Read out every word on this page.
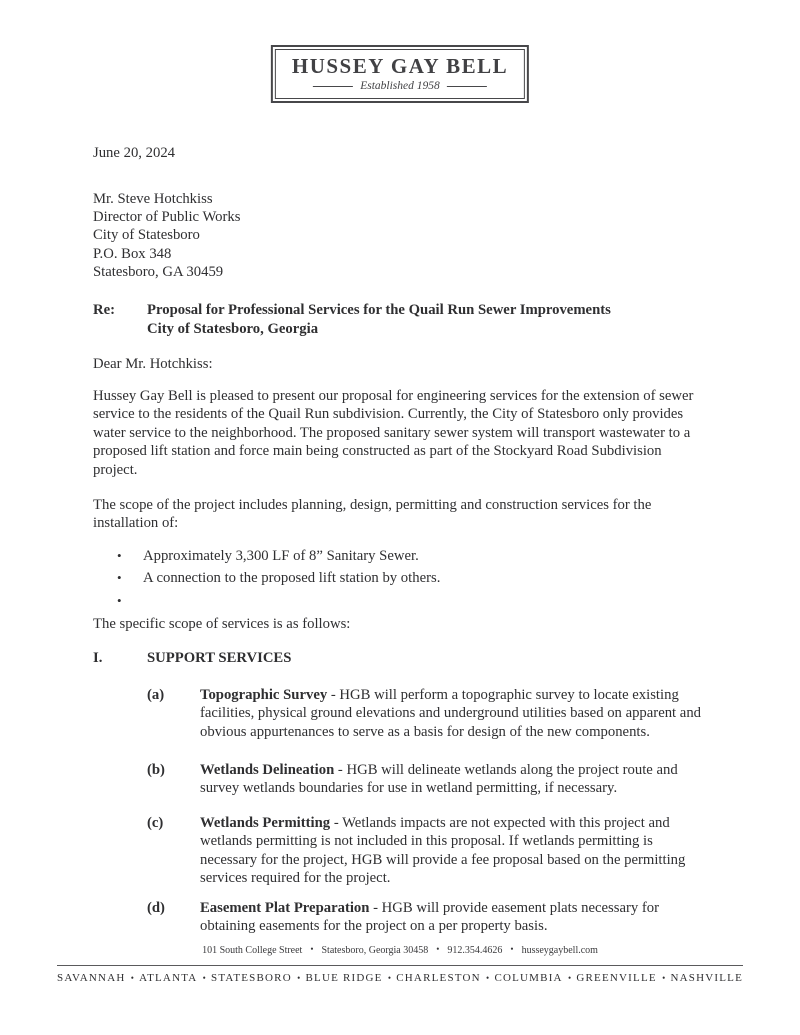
HUSSEY GAY BELL
Established 1958
June 20, 2024
Mr. Steve Hotchkiss
Director of Public Works
City of Statesboro
P.O. Box 348
Statesboro, GA 30459
Re:	Proposal for Professional Services for the Quail Run Sewer Improvements
City of Statesboro, Georgia
Dear Mr. Hotchkiss:

Hussey Gay Bell is pleased to present our proposal for engineering services for the extension of sewer service to the residents of the Quail Run subdivision. Currently, the City of Statesboro only provides water service to the neighborhood. The proposed sanitary sewer system will transport wastewater to a proposed lift station and force main being constructed as part of the Stockyard Road Subdivision project.

The scope of the project includes planning, design, permitting and construction services for the installation of:

• Approximately 3,300 LF of 8” Sanitary Sewer.
• A connection to the proposed lift station by others.
•

The specific scope of services is as follows:

I.	SUPPORT SERVICES
(a)	Topographic Survey - HGB will perform a topographic survey to locate existing facilities, physical ground elevations and underground utilities based on apparent and obvious appurtenances to serve as a basis for design of the new components.

(b)	Wetlands Delineation - HGB will delineate wetlands along the project route and survey wetlands boundaries for use in wetland permitting, if necessary.

(c)	Wetlands Permitting - Wetlands impacts are not expected with this project and wetlands permitting is not included in this proposal. If wetlands permitting is necessary for the project, HGB will provide a fee proposal based on the permitting services required for the project.

(d)	Easement Plat Preparation - HGB will provide easement plats necessary for obtaining easements for the project on a per property basis.

101 South College Street • Statesboro, Georgia 30458 • 912.354.4626 • husseygaybell.com
SAVANNAH • ATLANTA • STATESBORO • BLUE RIDGE • CHARLESTON • COLUMBIA • GREENVILLE • NASHVILLE
